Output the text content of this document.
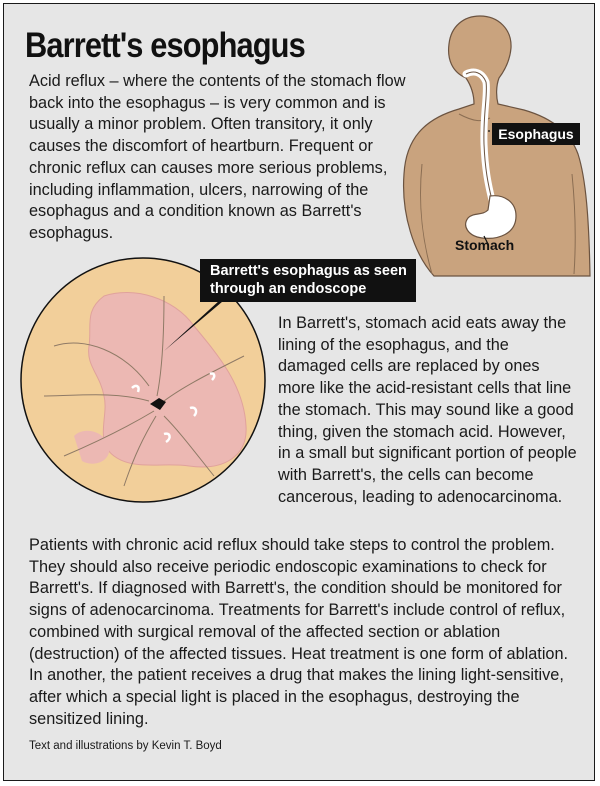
Esophagus
Stomach
Barrett's esophagus
Acid reflux – where the contents of the stomach flow back into the esophagus – is very common and is usually a minor problem. Often transitory, it only causes the discomfort of heartburn. Frequent or chronic reflux can causes more serious problems, including inflammation, ulcers, narrowing of the esophagus and a condition known as Barrett's esophagus.
Barrett's esophagus as seen
through an endoscope
In Barrett's, stomach acid eats away the lining of the esophagus, and the damaged cells are replaced by ones more like the acid-resistant cells that line the stomach. This may sound like a good thing, given the stomach acid. However, in a small but significant portion of people with Barrett's, the cells can become cancerous, leading to adenocarcinoma.
Patients with chronic acid reflux should take steps to control the problem. They should also receive periodic endoscopic examinations to check for Barrett's. If diagnosed with Barrett's, the condition should be monitored for signs of adenocarcinoma. Treatments for Barrett's include control of reflux, combined with surgical removal of the affected section or ablation (destruction) of the affected tissues. Heat treatment is one form of ablation. In another, the patient receives a drug that makes the lining light-sensitive, after which a special light is placed in the esophagus, destroying the sensitized lining.
Text and illustrations by Kevin T. Boyd
